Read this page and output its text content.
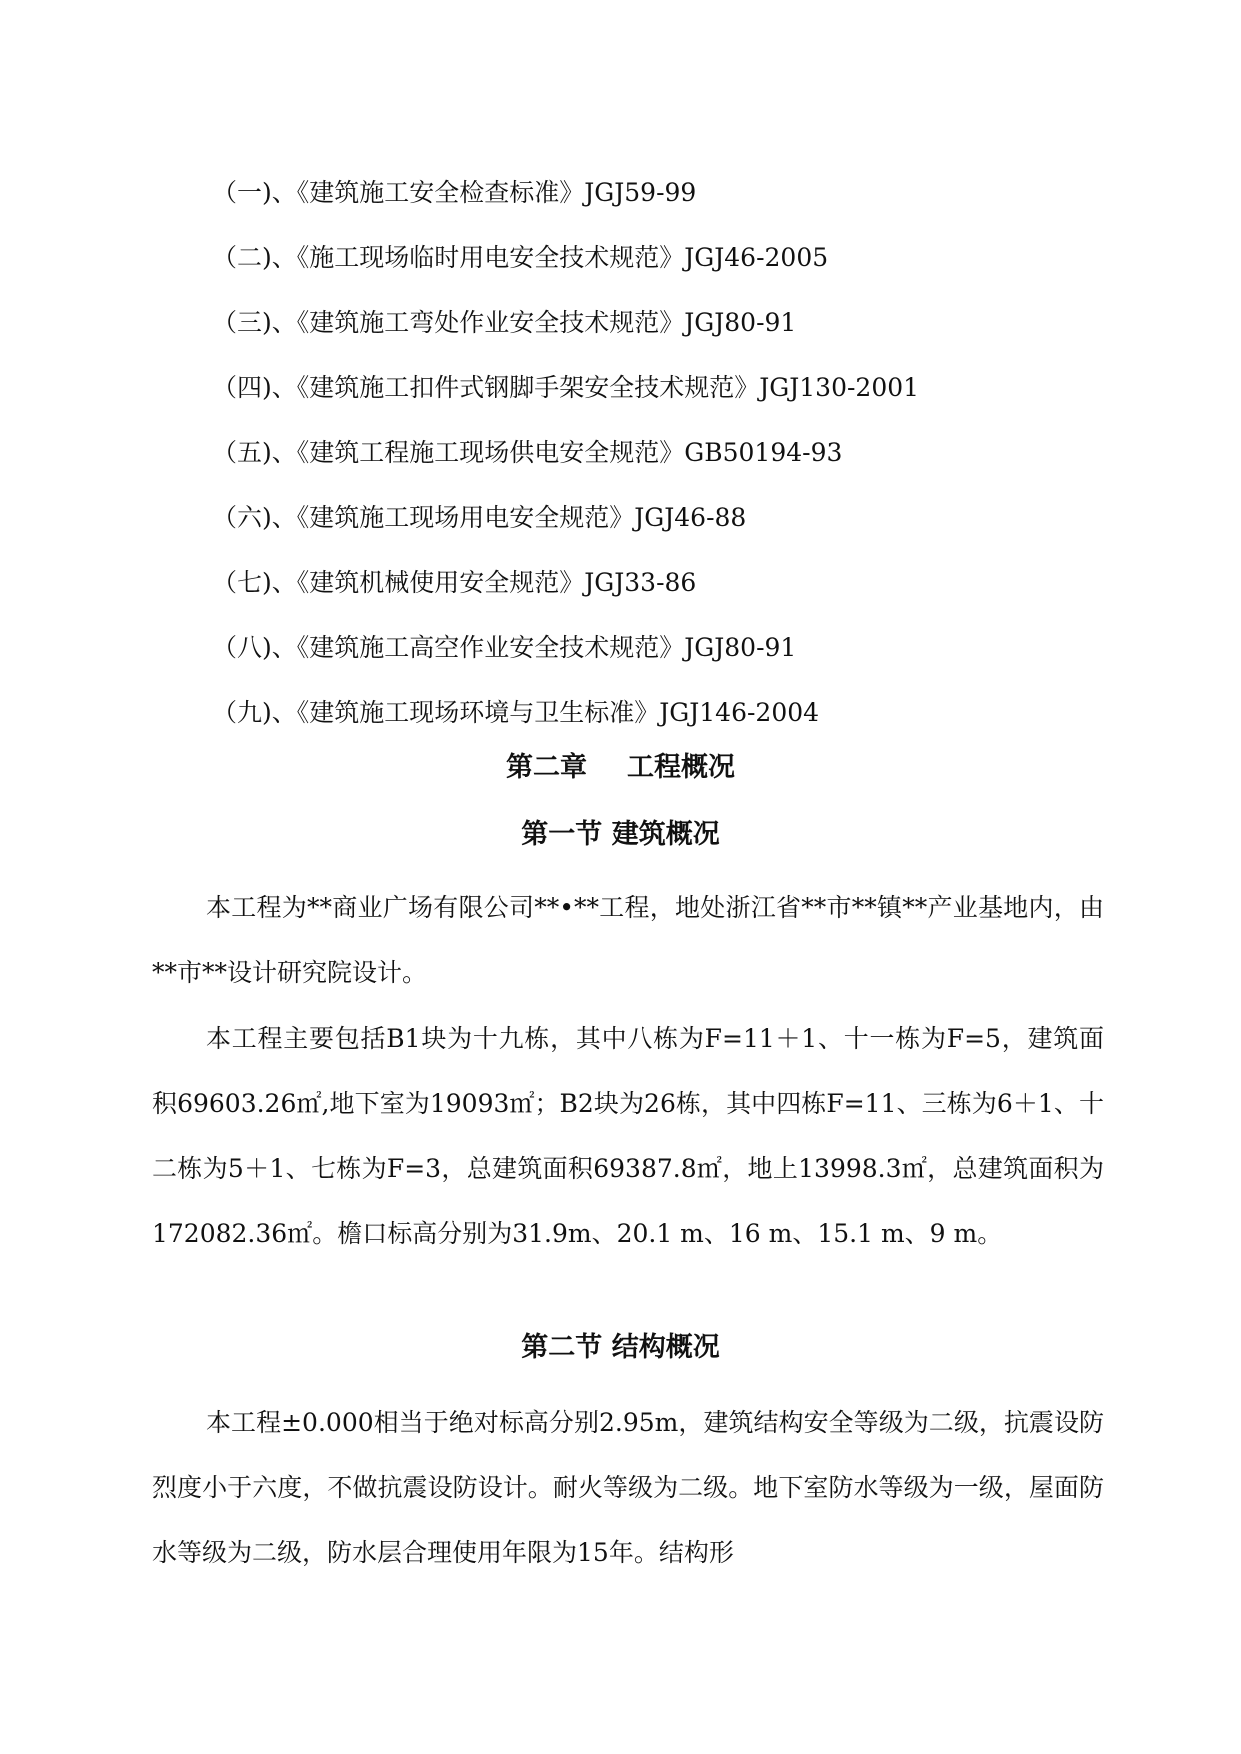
（一)、《建筑施工安全检查标准》JGJ59-99
（二)、《施工现场临时用电安全技术规范》JGJ46-2005
（三)、《建筑施工弯处作业安全技术规范》JGJ80-91
（四)、《建筑施工扣件式钢脚手架安全技术规范》JGJ130-2001
（五)、《建筑工程施工现场供电安全规范》GB50194-93
（六)、《建筑施工现场用电安全规范》JGJ46-88
（七)、《建筑机械使用安全规范》JGJ33-86
（八)、《建筑施工高空作业安全技术规范》JGJ80-91
（九)、《建筑施工现场环境与卫生标准》JGJ146-2004
第二章 工程概况
第一节 建筑概况

本工程为**商业广场有限公司**•**工程，地处浙江省**市**镇**产业基地内，由**市**设计研究院设计。

本工程主要包括B1块为十九栋，其中八栋为F=11＋1、十一栋为F=5，建筑面积69603.26㎡,地下室为19093㎡；B2块为26栋，其中四栋F=11、三栋为6＋1、十二栋为5＋1、七栋为F=3，总建筑面积69387.8㎡，地上13998.3㎡，总建筑面积为172082.36㎡。檐口标高分别为31.9m、20.1 m、16 m、15.1 m、9 m。

第二节 结构概况

本工程±0.000相当于绝对标高分别2.95m，建筑结构安全等级为二级，抗震设防烈度小于六度，不做抗震设防设计。耐火等级为二级。地下室防水等级为一级，屋面防水等级为二级，防水层合理使用年限为15年。结构形
